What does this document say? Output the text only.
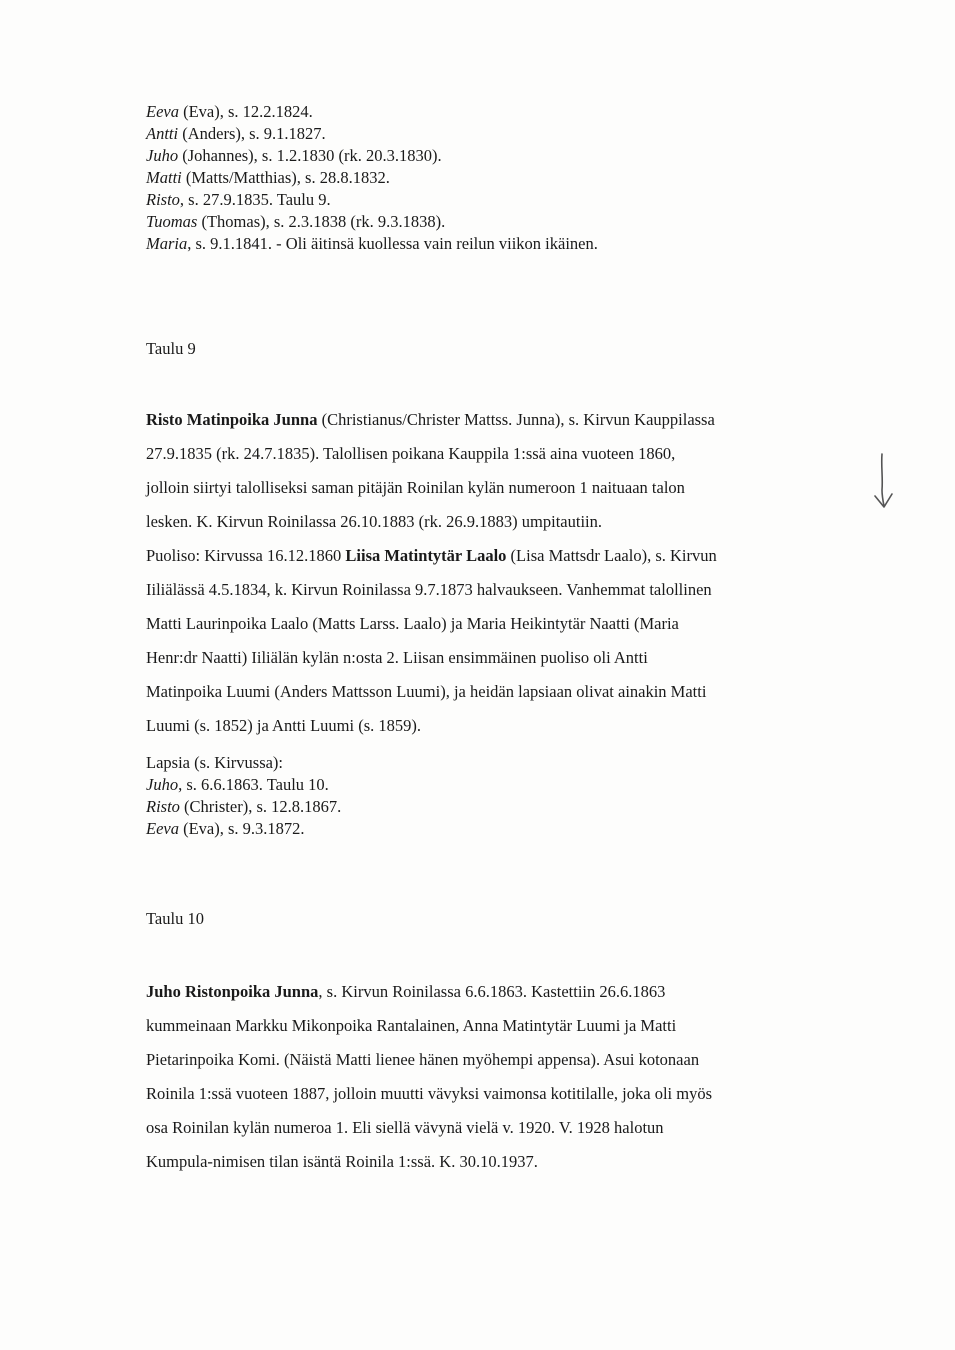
Eeva (Eva), s. 12.2.1824.
Antti (Anders), s. 9.1.1827.
Juho (Johannes), s. 1.2.1830 (rk. 20.3.1830).
Matti (Matts/Matthias), s. 28.8.1832.
Risto, s. 27.9.1835. Taulu 9.
Tuomas (Thomas), s. 2.3.1838 (rk. 9.3.1838).
Maria, s. 9.1.1841. - Oli äitinsä kuollessa vain reilun viikon ikäinen.
Taulu 9
Risto Matinpoika Junna (Christianus/Christer Mattss. Junna), s. Kirvun Kauppilassa
27.9.1835 (rk. 24.7.1835). Talollisen poikana Kauppila 1:ssä aina vuoteen 1860,
jolloin siirtyi talolliseksi saman pitäjän Roinilan kylän numeroon 1 naituaan talon
lesken. K. Kirvun Roinilassa 26.10.1883 (rk. 26.9.1883) umpitautiin.
Puoliso: Kirvussa 16.12.1860 Liisa Matintytär Laalo (Lisa Mattsdr Laalo), s. Kirvun
Iiliälässä 4.5.1834, k. Kirvun Roinilassa 9.7.1873 halvaukseen. Vanhemmat talollinen
Matti Laurinpoika Laalo (Matts Larss. Laalo) ja Maria Heikintytär Naatti (Maria
Henr:dr Naatti) Iiliälän kylän n:osta 2. Liisan ensimmäinen puoliso oli Antti
Matinpoika Luumi (Anders Mattsson Luumi), ja heidän lapsiaan olivat ainakin Matti
Luumi (s. 1852) ja Antti Luumi (s. 1859).
Lapsia (s. Kirvussa):
Juho, s. 6.6.1863. Taulu 10.
Risto (Christer), s. 12.8.1867.
Eeva (Eva), s. 9.3.1872.
Taulu 10
Juho Ristonpoika Junna, s. Kirvun Roinilassa 6.6.1863. Kastettiin 26.6.1863
kummeinaan Markku Mikonpoika Rantalainen, Anna Matintytär Luumi ja Matti
Pietarinpoika Komi. (Näistä Matti lienee hänen myöhempi appensa). Asui kotonaan
Roinila 1:ssä vuoteen 1887, jolloin muutti vävyksi vaimonsa kotitilalle, joka oli myös
osa Roinilan kylän numeroa 1. Eli siellä vävynä vielä v. 1920. V. 1928 halotun
Kumpula-nimisen tilan isäntä Roinila 1:ssä. K. 30.10.1937.
